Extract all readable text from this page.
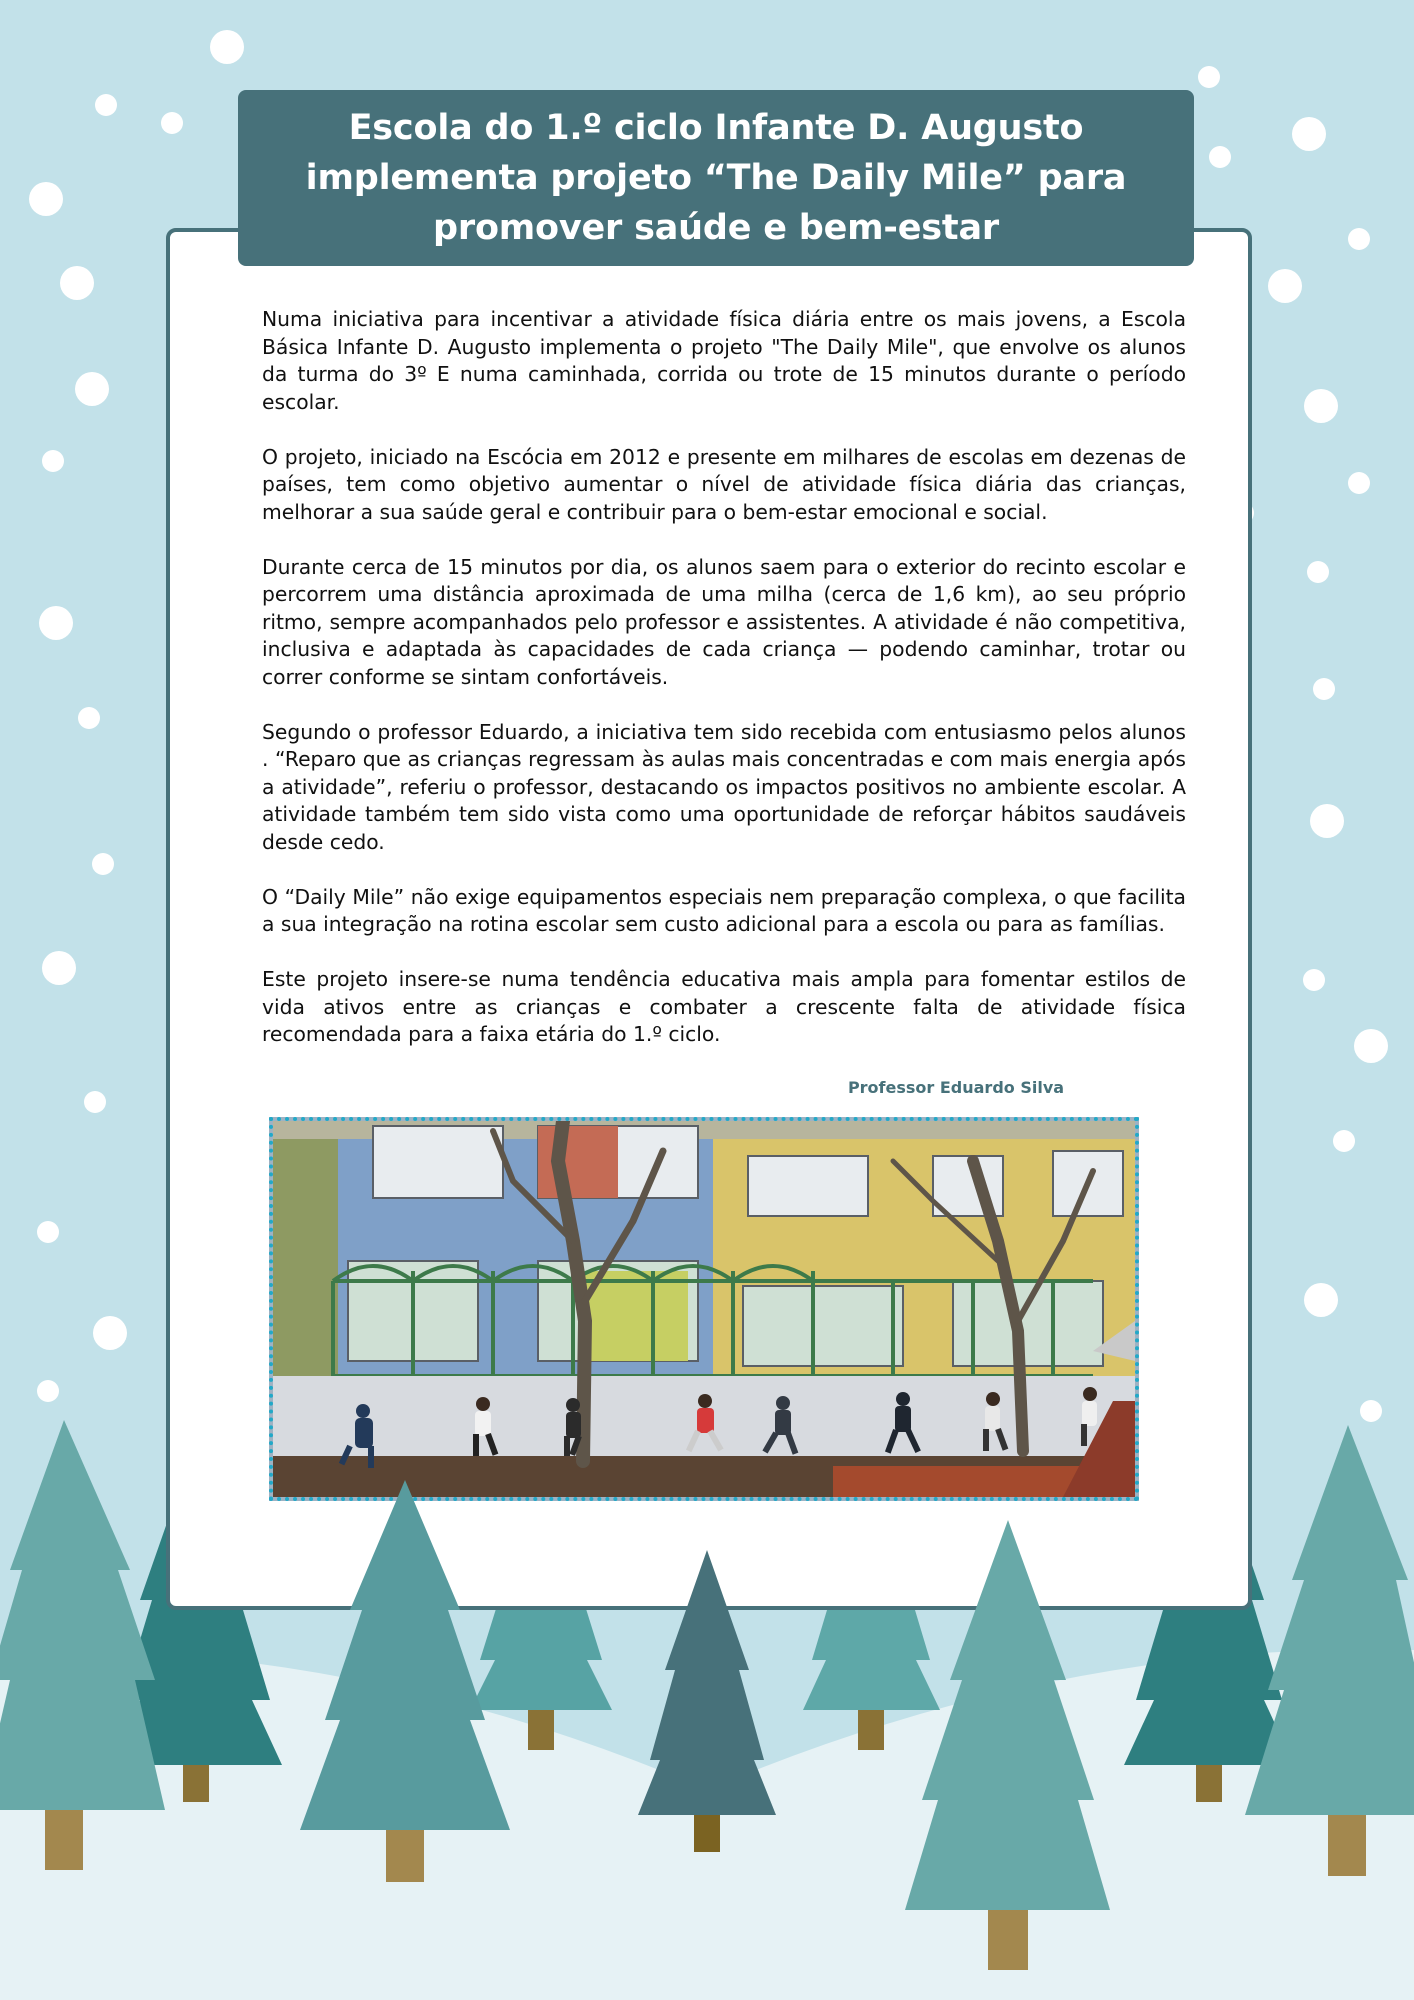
Escola do 1.º ciclo Infante D. Augusto implementa projeto “The Daily Mile” para promover saúde e bem-estar

Numa iniciativa para incentivar a atividade física diária entre os mais jovens, a Escola Básica Infante D. Augusto implementa o projeto "The Daily Mile", que envolve os alunos da turma do 3º E numa caminhada, corrida ou trote de 15 minutos durante o período escolar.

O projeto, iniciado na Escócia em 2012 e presente em milhares de escolas em dezenas de países, tem como objetivo aumentar o nível de atividade física diária das crianças, melhorar a sua saúde geral e contribuir para o bem-estar emocional e social.

Durante cerca de 15 minutos por dia, os alunos saem para o exterior do recinto escolar e percorrem uma distância aproximada de uma milha (cerca de 1,6 km), ao seu próprio ritmo, sempre acompanhados pelo professor e assistentes. A atividade é não competitiva, inclusiva e adaptada às capacidades de cada criança — podendo caminhar, trotar ou correr conforme se sintam confortáveis.

Segundo o professor Eduardo, a iniciativa tem sido recebida com entusiasmo pelos alunos . “Reparo que as crianças regressam às aulas mais concentradas e com mais energia após a atividade”, referiu o professor, destacando os impactos positivos no ambiente escolar. A atividade também tem sido vista como uma oportunidade de reforçar hábitos saudáveis desde cedo.

O “Daily Mile” não exige equipamentos especiais nem preparação complexa, o que facilita a sua integração na rotina escolar sem custo adicional para a escola ou para as famílias.

Este projeto insere-se numa tendência educativa mais ampla para fomentar estilos de vida ativos entre as crianças e combater a crescente falta de atividade física recomendada para a faixa etária do 1.º ciclo.

Professor Eduardo Silva
